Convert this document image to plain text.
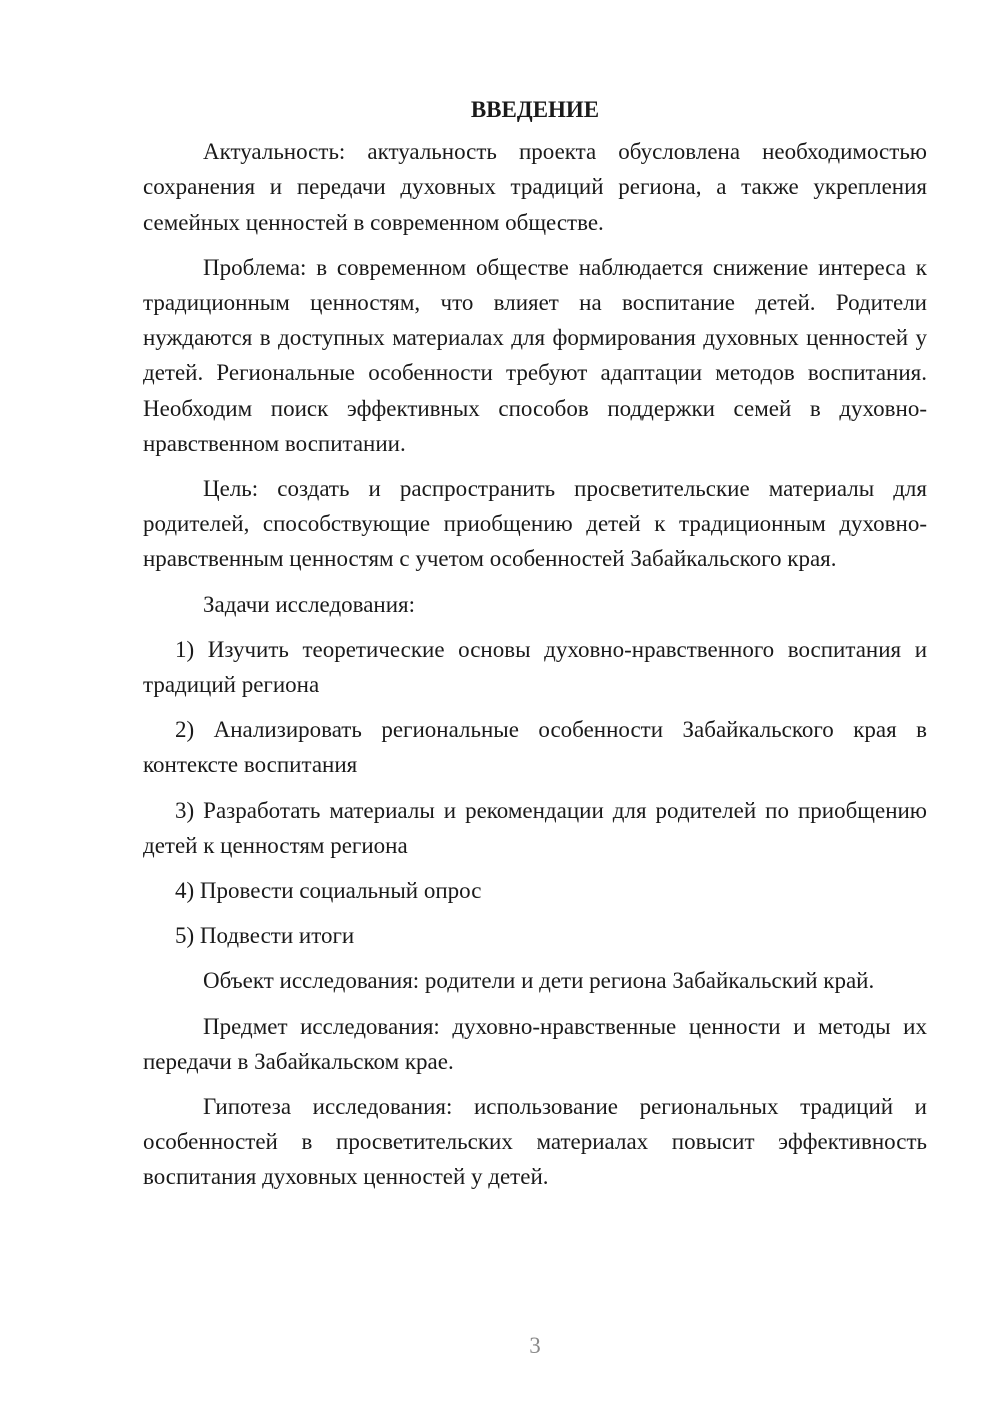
ВВЕДЕНИЕ

Актуальность: актуальность проекта обусловлена необходимостью сохранения и передачи духовных традиций региона, а также укрепления семейных ценностей в современном обществе.

Проблема: в современном обществе наблюдается снижение интереса к традиционным ценностям, что влияет на воспитание детей. Родители нуждаются в доступных материалах для формирования духовных ценностей у детей. Региональные особенности требуют адаптации методов воспитания. Необходим поиск эффективных способов поддержки семей в духовно-нравственном воспитании.

Цель: создать и распространить просветительские материалы для родителей, способствующие приобщению детей к традиционным духовно-нравственным ценностям с учетом особенностей Забайкальского края.

Задачи исследования:

1) Изучить теоретические основы духовно-нравственного воспитания и традиций региона

2) Анализировать региональные особенности Забайкальского края в контексте воспитания

3) Разработать материалы и рекомендации для родителей по приобщению детей к ценностям региона

4) Провести социальный опрос

5) Подвести итоги

Объект исследования: родители и дети региона Забайкальский край.

Предмет исследования: духовно-нравственные ценности и методы их передачи в Забайкальском крае.

Гипотеза исследования: использование региональных традиций и особенностей в просветительских материалах повысит эффективность воспитания духовных ценностей у детей.

3
